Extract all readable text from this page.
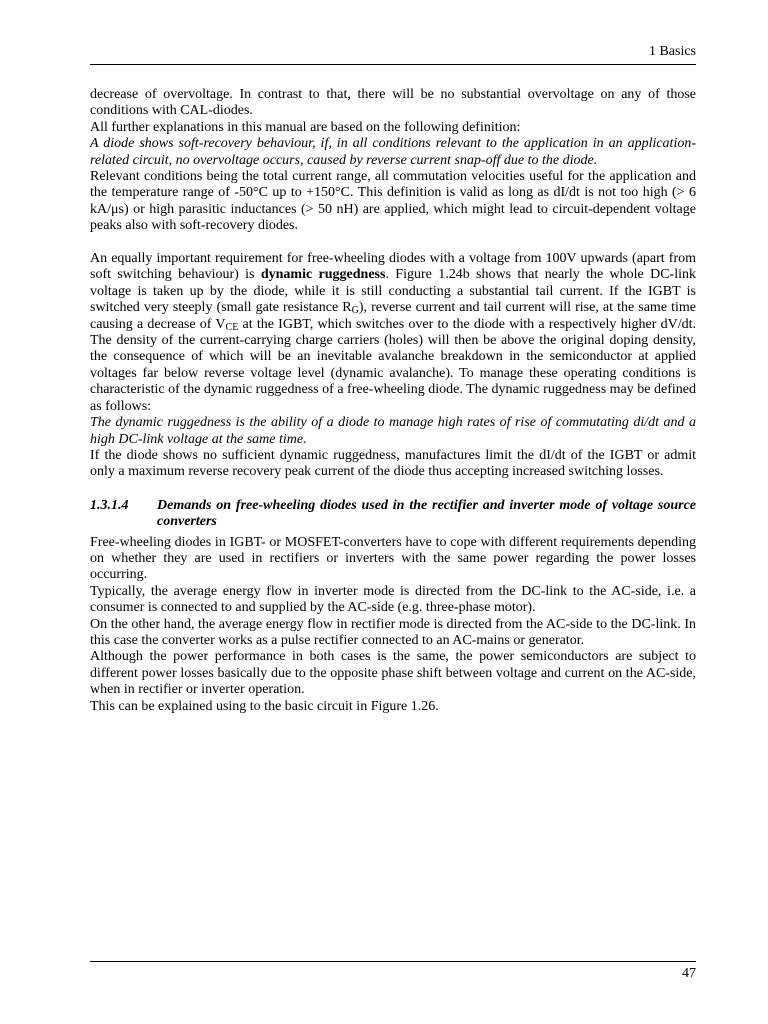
1 Basics

decrease of overvoltage. In contrast to that, there will be no substantial overvoltage on any of those conditions with CAL-diodes.

All further explanations in this manual are based on the following definition:

A diode shows soft-recovery behaviour, if, in all conditions relevant to the application in an application-related circuit, no overvoltage occurs, caused by reverse current snap-off due to the diode.

Relevant conditions being the total current range, all commutation velocities useful for the application and the temperature range of -50°C up to +150°C. This definition is valid as long as dI/dt is not too high (> 6 kA/μs) or high parasitic inductances (> 50 nH) are applied, which might lead to circuit-dependent voltage peaks also with soft-recovery diodes.

An equally important requirement for free-wheeling diodes with a voltage from 100V upwards (apart from soft switching behaviour) is dynamic ruggedness. Figure 1.24b shows that nearly the whole DC-link voltage is taken up by the diode, while it is still conducting a substantial tail current. If the IGBT is switched very steeply (small gate resistance $R_G$), reverse current and tail current will rise, at the same time causing a decrease of $V_{CE}$ at the IGBT, which switches over to the diode with a respectively higher dV/dt. The density of the current-carrying charge carriers (holes) will then be above the original doping density, the consequence of which will be an inevitable avalanche breakdown in the semiconductor at applied voltages far below reverse voltage level (dynamic avalanche). To manage these operating conditions is characteristic of the dynamic ruggedness of a free-wheeling diode. The dynamic ruggedness may be defined as follows:

The dynamic ruggedness is the ability of a diode to manage high rates of rise of commutating di/dt and a high DC-link voltage at the same time.

If the diode shows no sufficient dynamic ruggedness, manufactures limit the dI/dt of the IGBT or admit only a maximum reverse recovery peak current of the diode thus accepting increased switching losses.

1.3.1.4	Demands on free-wheeling diodes used in the rectifier and inverter mode of voltage source converters

Free-wheeling diodes in IGBT- or MOSFET-converters have to cope with different requirements depending on whether they are used in rectifiers or inverters with the same power regarding the power losses occurring.

Typically, the average energy flow in inverter mode is directed from the DC-link to the AC-side, i.e. a consumer is connected to and supplied by the AC-side (e.g. three-phase motor).

On the other hand, the average energy flow in rectifier mode is directed from the AC-side to the DC-link. In this case the converter works as a pulse rectifier connected to an AC-mains or generator.

Although the power performance in both cases is the same, the power semiconductors are subject to different power losses basically due to the opposite phase shift between voltage and current on the AC-side, when in rectifier or inverter operation.

This can be explained using to the basic circuit in Figure 1.26.

47
